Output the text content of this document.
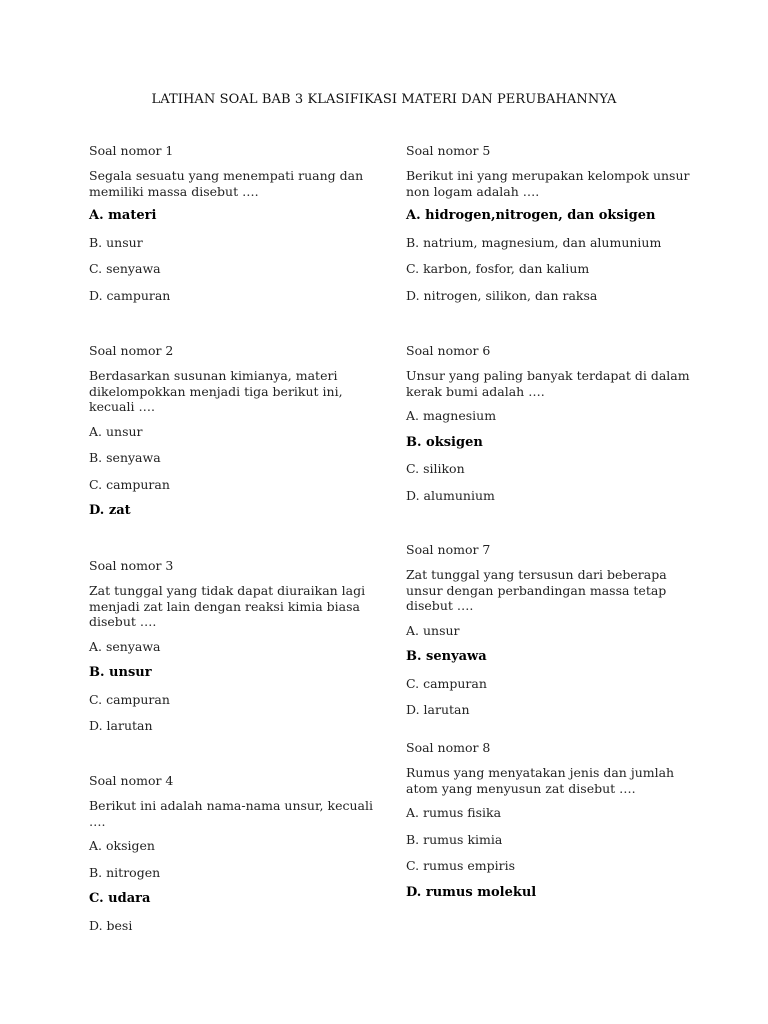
LATIHAN SOAL BAB 3 KLASIFIKASI MATERI DAN PERUBAHANNYA
Soal nomor 1
Segala sesuatu yang menempati ruang dan memiliki massa disebut ….
A. materi
B. unsur
C. senyawa
D. campuran
Soal nomor 2
Berdasarkan susunan kimianya, materi dikelompokkan menjadi tiga berikut ini, kecuali ….
A. unsur
B. senyawa
C. campuran
D. zat
Soal nomor 3
Zat tunggal yang tidak dapat diuraikan lagi menjadi zat lain dengan reaksi kimia biasa disebut ….
A. senyawa
B. unsur
C. campuran
D. larutan
Soal nomor 4
Berikut ini adalah nama-nama unsur, kecuali ….
A. oksigen
B. nitrogen
C. udara
D. besi
Soal nomor 5
Berikut ini yang merupakan kelompok unsur non logam adalah ….
A. hidrogen,nitrogen, dan oksigen
B. natrium, magnesium, dan alumunium
C. karbon, fosfor, dan kalium
D. nitrogen, silikon, dan raksa
Soal nomor 6
Unsur yang paling banyak terdapat di dalam kerak bumi adalah ….
A. magnesium
B. oksigen
C. silikon
D. alumunium
Soal nomor 7
Zat tunggal yang tersusun dari beberapa unsur dengan perbandingan massa tetap disebut ….
A. unsur
B. senyawa
C. campuran
D. larutan
Soal nomor 8
Rumus yang menyatakan jenis dan jumlah atom yang menyusun zat disebut ….
A. rumus fisika
B. rumus kimia
C. rumus empiris
D. rumus molekul
